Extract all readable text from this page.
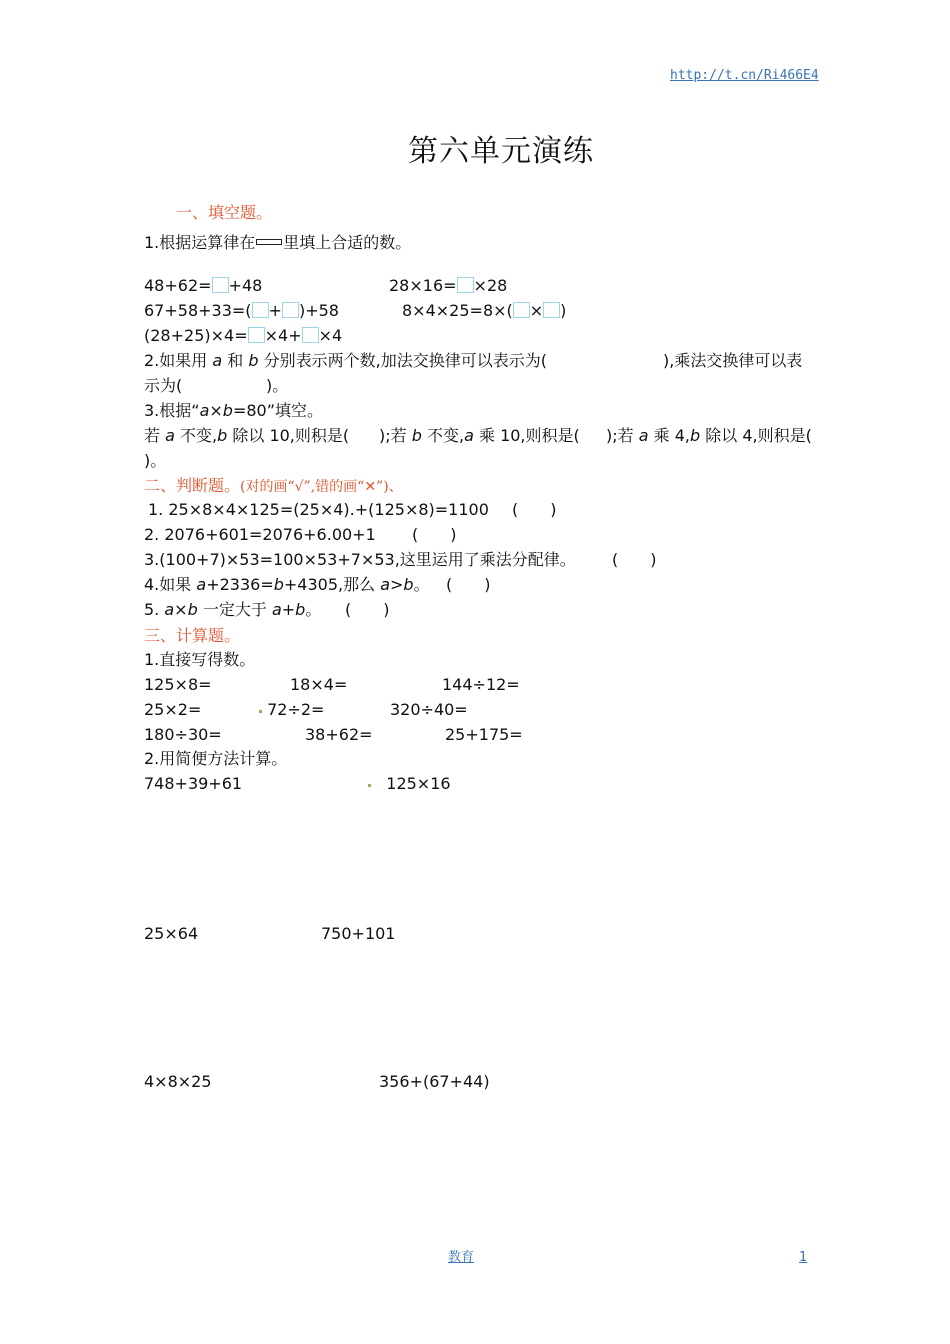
http://t.cn/Ri466E4
第六单元演练
一、填空题。
1.根据运算律在 里填上合适的数。
48+62= +48	28×16= ×28
67+58+33=( + )+58	8×4×25=8×( × )
(28+25)×4= ×4+ ×4
2.如果用 a 和 b 分别表示两个数,加法交换律可以表示为(	),乘法交换律可以表
示为(	)。
3.根据“a×b=80”填空。
若 a 不变,b 除以 10,则积是( );若 b 不变,a 乘 10,则积是( );若 a 乘 4,b 除以 4,则积是(
)。
二、判断题。(对的画“√”,错的画“✕”)、
1. 25×8×4×125=(25×4).+(125×8)=1100 (　　)
2. 2076+601=2076+6.00+1 (　　)
3.(100+7)×53=100×53+7×53,这里运用了乘法分配律。 (　　)
4.如果 a+2336=b+4305,那么 a>b。 (　　)
5. a×b 一定大于 a+b。 (　　)
三、计算题。
1.直接写得数。
125×8=	18×4=	144÷12=
25×2=	72÷2=	320÷40=
180÷30=	38+62=	25+175=
2.用简便方法计算。
748+39+61	125×16
25×64	750+101
4×8×25	356+(67+44)
教育	1
